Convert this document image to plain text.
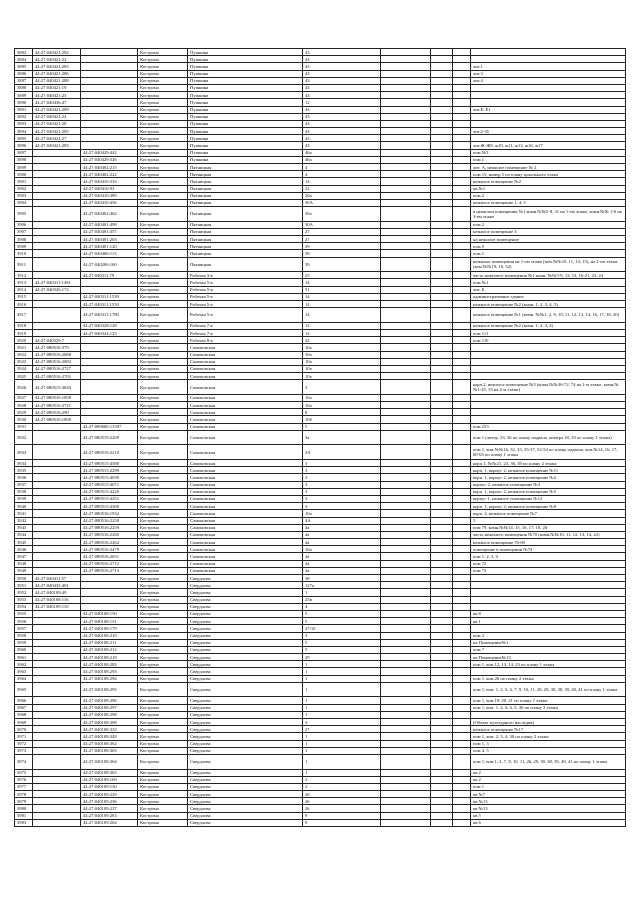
3882	44:27:040421:282		Кострома	Пушкина	43				
3884	44:27:040421:22		Кострома	Пушкина	43				
3885	44:27:040421:283		Кострома	Пушкина	43				лит.1
3886	44:27:040421:286		Кострома	Пушкина	43				лит.3
3887	44:27:040421:288		Кострома	Пушкина	43				лит.4
3888	44:27:040421:19		Кострома	Пушкина	43				
3889	44:27:040421:25		Кострома	Пушкина	43				
3890	44:27:040436:47		Кострома	Пушкина	12				
3891	44:27:040421:289		Кострома	Пушкина	43				лит.Е, Е1
3892	44:27:040421:24		Кострома	Пушкина	43				
3893	44:27:040421:28		Кострома	Пушкина	43				
3894	44:27:040421:285		Кострома	Пушкина	43				лит.2-35
3895	44:27:040421:27		Кострома	Пушкина	43				
3896	44:27:040421:283		Кострома	Пушкина	43				лит.Ж-Ж9, ж10, ж11, ж12, ж16, ж17
3897		44:27:040429:442	Кострома	Пушкина	46а				пом.№3
3898		44:27:040429:526	Кострома	Пушкина	46а				пом.1
3899		44:27:040402:215	Кострома	Пятницкая	4				лит. А, нежилое помещение № 2
3900		44:27:040402:222	Кострома	Пятницкая	4				пом.15, номер 5 по плану цокольного этажа
3901		44:27:040410:333	Кострома	Пятницкая	14				нежилое помещение №2
3902		44:27:040410:93	Кострома	Пятницкая	22				кв.№1
3903		44:27:040410:389	Кострома	Пятницкая	20а				пом.2
3904		44:27:040410:456	Кострома	Пятницкая	30А				нежилое помещение 1, 4, 5
3905		44:27:040402:462	Кострома	Пятницкая	30а				в нежилом помещении №1 комн.№№5-8, 31 на 1-ом этаже, комн.№№ 1-6 на 3-ем этаже
3906		44:27:040401:498	Кострома	Пятницкая	30А				пом.2
3907		44:27:040401:357	Кострома	Пятницкая	27				нежилое помещение 3
3908		44:27:040401:203	Кострома	Пятницкая	27				на нежилое помещение
3909		44:27:040401:120	Кострома	Пятницкая	39				пом.5
3910		44:27:040406:113	Кострома	Пятницкая	39				пом.1
3911		44:27:040206:160	Кострома	Пятницкая	39				нежилые помещения на 1-ом этаже (ком.№№10, 11, 14, 15), на 2-ом этаже (ком.№№19, 16, 52)
3912		44:27:040311:79	Кострома	Рабочая 3-я	25				часть нежилого помещения №1 комн. №№5-9, 12, 13, 16-21, 23, 24
3913	44:27:040311:1481		Кострома	Рабочая 5-я	14				пом.№1
3914	44:27:040326:172		Кострома	Рабочая 5-я	51				лит. Б
3915		44:27:040311:1539	Кострома	Рабочая 5-я	14				административное здание
3916		44:27:040311:1550	Кострома	Рабочая 5-я	14				нежилое помещение №2 (комн. 1, 2, 3, 4, 5)
3917		44:27:040311:1780	Кострома	Рабочая 5-я	14				нежилое помещение №1 (комн. №№1, 2, 9, 10, 11, 12, 13, 14, 16, 17, 18, 20)
3918		44:27:040328:128	Кострома	Рабочая 7-я	12				нежилое помещение №2 (комн. 1, 2, 3, 4)
3919		44:27:040324:123	Кострома	Рабочая 7-я	12				пом 111
3920	44:27:040329:7		Кострома	Рабочая 8-я	42				пом 110
3921	44:27:080516:379		Кострома	Самоковская	10а				
3922	44:27:080516:2688		Кострома	Самоковская	10а				
3923	44:27:080516:2883		Кострома	Самоковская	10а				
3924	44:27:080516:2727		Кострома	Самоковская	10а				
3925	44:27:080516:2701		Кострома	Самоковская	10а				
3926	44:27:080515:3845		Кострома	Самоковская	3				корп.2, нежилое помещение №3 (комн.№№36-72, 74 на 1-м этаже, комн.№№1-25, 33 на 2-м этаже)
3927	44:27:080516:1858		Кострома	Самоковская	10а				
3928	44:27:080516:2721		Кострома	Самоковская	10а				
3929	44:27:080516:290		Кострома	Самоковская	8				
3930	44:27:080516:1890		Кострома	Самоковская	10б				
3931		44:27:080606:13397	Кострома	Самоковская	5				пом 253
3932		44:27:080519:2209	Кострома	Самоковская	3а				пом 1 (литер. 33, 36 по плану подвала, номера 18, 19 по плану 1 этажа)
3933		44:27:080519:2210	Кострома	Самоковская	3А				пом 1, ком.№№16, 32, 33, 35-37, 52-54 по плану подвала, ком.№14, 16, 17, 60-63 по плану 1 этажа
3934		44:27:080515:4580	Кострома	Самоковская	3				корп.1, №№21, 23, 36, 39 по плану 2 этажа
3935		44:27:080515:2299	Кострома	Самоковская	3				корп. 1, корпус 2, нежилое помещение №11
3936		44:27:080515:4039	Кострома	Самоковская	3				корп. 1, корпус 2, нежилое помещение №2
3937		44:27:080515:4071	Кострома	Самоковская	3				корпус 2, нежилое помещение №3
3938		44:27:080515:4226	Кострома	Самоковская	3				корп. 1, корпус 2, нежилое помещение №5
3939		44:27:080515:4251	Кострома	Самоковская	3				корпус 1, нежилое помещение №12
3940		44:27:080515:4300	Кострома	Самоковская	3				корп. 1, корпус 2, нежилое помещение №8
3941		44:27:080516:1932	Кострома	Самоковская	10а				корп. 2, нежилое помещение №7
3942		44:27:080516:2258	Кострома	Самоковская	4А				5
3943		44:27:080516:2259	Кострома	Самоковская	4а				пом 79, комн.№№14, 15, 16, 17, 18, 26
3944		44:27:080516:2260	Кострома	Самоковская	4а				часть нежилого помещения №70 (комн.№№10, 11, 12, 13, 14, 22)
3945		44:27:080516:2262	Кострома	Самоковская	4а				нежилое помещение 76-69
3946		44:27:080516:2479	Кострома	Самоковская	10а				помещение в помещении №74
3947		44:27:080516:2651	Кострома	Самоковская	4а				пом 1, 2, 3, 4
3948		44:27:080516:2712	Кострома	Самоковская	4а				пом 72
3949		44:27:080516:2713	Кострома	Самоковская	4а				пом 73
3950	44:27:040411:57		Кострома	Свердлова	38				
3951	44:27:040435:401		Кострома	Свердлова	127а				
3952	44:27:040109:49		Кострома	Свердлова	1				
3953	44:27:040108:116		Кострома	Свердлова	25в				
3954	44:27:040109:110		Кострома	Свердлова	4				
3955		44:27:040108:150	Кострома	Свердлова	5				кв 8
3956		44:27:040108:151	Кострома	Свердлова	5				кв 1
3957		44:27:040108:179	Кострома	Свердлова	27/10				
3958		44:27:040108:210	Кострома	Свердлова	3				пом 2
3959		44:27:040108:211	Кострома	Свердлова	5				на Помещение№1
3960		44:27:040108:212	Кострома	Свердлова	5				пом 7
3961		44:27:040108:218	Кострома	Свердлова	29				на Помещение№13
3962		44:27:040108:282	Кострома	Свердлова	1				пом 1, ком.12, 13, 14, 23 по плану 1 этажа
3963		44:27:040108:293	Кострома	Свердлова	1				
3964		44:27:040108:294	Кострома	Свердлова	1				пом 1, ком.26 по плану 2 этажа
3965		44:27:040108:295	Кострома	Свердлова	1				пом 1, ком. 1, 2, 3, 4, 7, 9, 10, 11, 28, 29, 30, 38, 39, 40, 41 по плану 1 этажа
3966		44:27:040108:296	Кострома	Свердлова	1				пом 1, ком.19, 20, 21 по плану 1 этажа
3967		44:27:040108:297	Кострома	Свердлова	1				пом 1, ком. 1, 2, 3, 4, 5, 30 по плану 2 этажа
3968		44:27:040108:298	Кострома	Свердлова	1				
3969		44:27:040108:308	Кострома	Свердлова	3				(Объект культурного наследия)
3970		44:27:040108:333	Кострома	Свердлова	27				нежилое помещение №17
3971		44:27:040108:349	Кострома	Свердлова	1				пом 1, ком. 2, 3, 4, 30 по плану 2 этажа
3972		44:27:040108:362	Кострома	Свердлова	1				пом 1, 3
3973		44:27:040108:363	Кострома	Свердлова	1				пом 4, 5
3974		44:27:040108:364	Кострома	Свердлова	1				пом 1, ком.1, 2, 7, 8, 10, 11, 26, 29, 30, 38, 39, 40, 41 по плану 1 этажа
3975		44:27:040108:365	Кострома	Свердлова	1				кв 2
3976		44:27:040109:169	Кострома	Свердлова	2				кв 2
3977		44:27:040109:130	Кострома	Свердлова	2				пом 1
3978		44:27:040109:229	Кострома	Свердлова	20				кв №7
3979		44:27:040109:236	Кострома	Свердлова	26				кв №13
3980		44:27:040109:237	Кострома	Свердлова	26				кв №13
3981		44:27:040109:263	Кострома	Свердлова	9				кв 5
3983		44:27:040109:264	Кострома	Свердлова	9				кв 6
